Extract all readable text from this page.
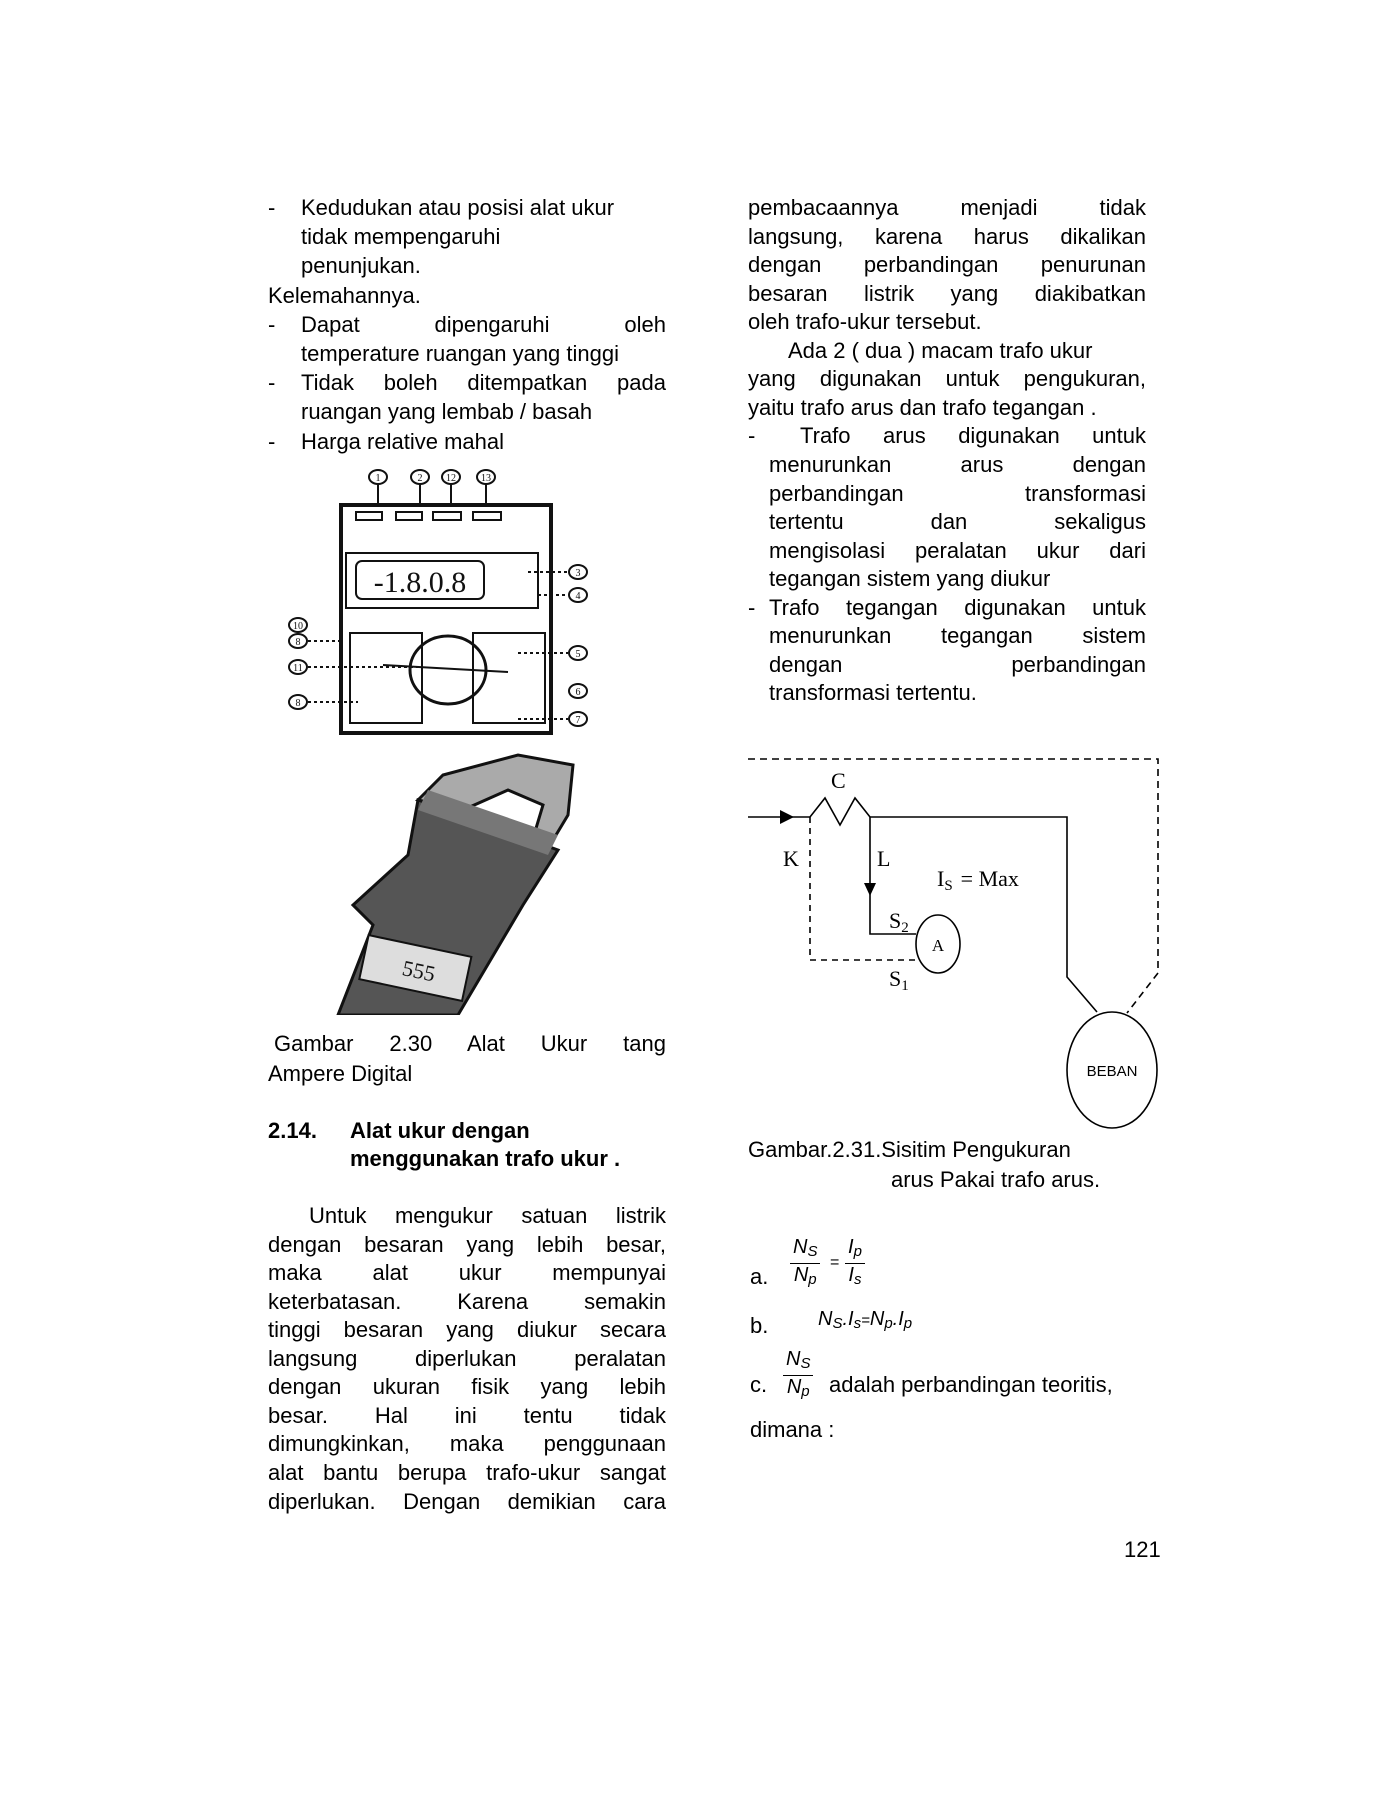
- Kedudukan atau posisi alat ukur
tidak mempengaruhi
penunjukan.
Kelemahannya.
- Dapat dipengaruhi oleh
temperature ruangan yang tinggi
- Tidak boleh ditempatkan pada
ruangan yang lembab / basah
- Harga relative mahal
Gambar 2.30 Alat Ukur tang
Ampere Digital
2.14. Alat ukur dengan
menggunakan trafo ukur .
Untuk mengukur satuan listrik
dengan besaran yang lebih besar,
maka alat ukur mempunyai
keterbatasan. Karena semakin
tinggi besaran yang diukur secara
langsung diperlukan peralatan
dengan ukuran fisik yang lebih
besar. Hal ini tentu tidak
dimungkinkan, maka penggunaan
alat bantu berupa trafo-ukur sangat
diperlukan. Dengan demikian cara
pembacaannya menjadi tidak
langsung, karena harus dikalikan
dengan perbandingan penurunan
besaran listrik yang diakibatkan
oleh trafo-ukur tersebut.
Ada 2 ( dua ) macam trafo ukur
yang digunakan untuk pengukuran,
yaitu trafo arus dan trafo tegangan .
- Trafo arus digunakan untuk
menurunkan arus dengan
perbandingan transformasi
tertentu dan sekaligus
mengisolasi peralatan ukur dari
tegangan sistem yang diukur
- Trafo tegangan digunakan untuk
menurunkan tegangan sistem
dengan perbandingan
transformasi tertentu.
Gambar.2.31.Sisitim Pengukuran
arus Pakai trafo arus.
1	2 12	13
3
4
10
8
11
8
5
6
7
-1.8.0.8
555
C
K	L
IS = Max
S2
S1
A
BEBAN
a. $\frac{N_S}{N_p} = \frac{I_p}{I_s}$
b. $N_S.I_s=N_p.I_p$
c. $\frac{N_S}{N_p}$ adalah perbandingan teoritis,
dimana :
121
